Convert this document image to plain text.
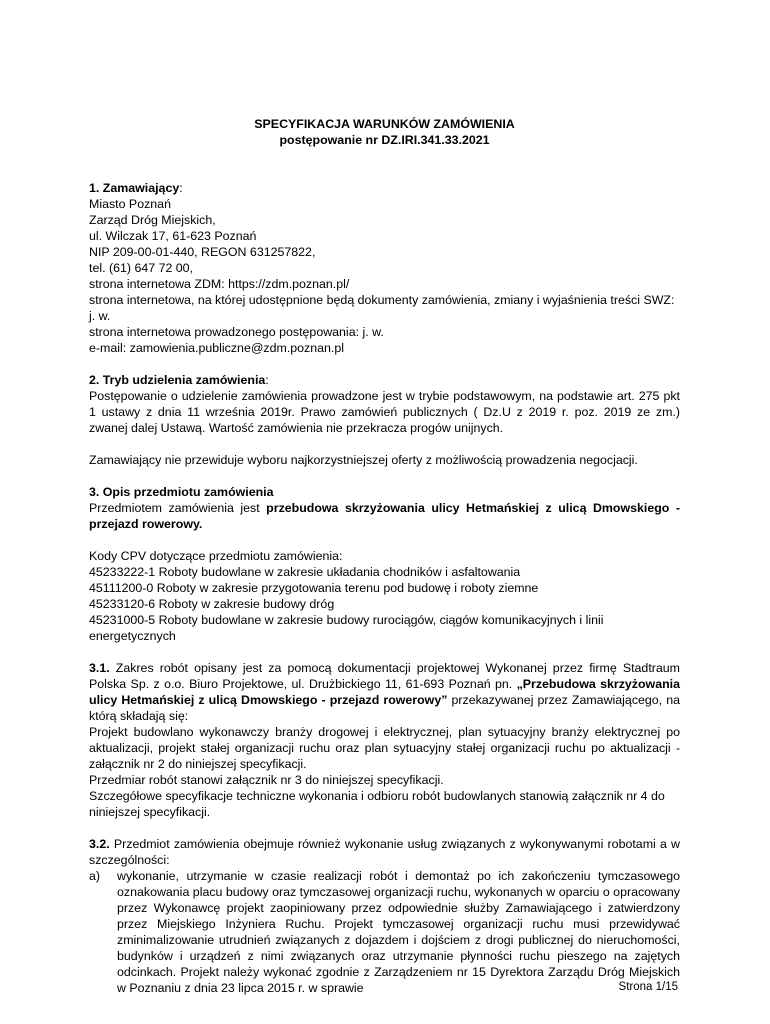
SPECYFIKACJA WARUNKÓW ZAMÓWIENIA

postępowanie nr DZ.IRI.341.33.2021

1. Zamawiający:

Miasto Poznań

Zarząd Dróg Miejskich,

ul. Wilczak 17, 61-623 Poznań

NIP 209-00-01-440, REGON 631257822,

tel. (61) 647 72 00,

strona internetowa ZDM: https://zdm.poznan.pl/

strona internetowa, na której udostępnione będą dokumenty zamówienia, zmiany i wyjaśnienia treści SWZ: j. w.

strona internetowa prowadzonego postępowania: j. w.

e-mail: zamowienia.publiczne@zdm.poznan.pl

2. Tryb udzielenia zamówienia:

Postępowanie o udzielenie zamówienia prowadzone jest w trybie podstawowym, na podstawie art. 275 pkt 1 ustawy z dnia 11 września 2019r. Prawo zamówień publicznych ( Dz.U z 2019 r. poz. 2019 ze zm.) zwanej dalej Ustawą. Wartość zamówienia nie przekracza progów unijnych.

Zamawiający nie przewiduje wyboru najkorzystniejszej oferty z możliwością prowadzenia negocjacji.

3. Opis przedmiotu zamówienia

Przedmiotem zamówienia jest przebudowa skrzyżowania ulicy Hetmańskiej z ulicą Dmowskiego - przejazd rowerowy.

Kody CPV dotyczące przedmiotu zamówienia:

45233222-1 Roboty budowlane w zakresie układania chodników i asfaltowania

45111200-0 Roboty w zakresie przygotowania terenu pod budowę i roboty ziemne

45233120-6 Roboty w zakresie budowy dróg

45231000-5 Roboty budowlane w zakresie budowy rurociągów, ciągów komunikacyjnych i linii energetycznych

3.1. Zakres robót opisany jest za pomocą dokumentacji projektowej Wykonanej przez firmę Stadtraum Polska Sp. z o.o. Biuro Projektowe, ul. Drużbickiego 11, 61-693 Poznań pn. „Przebudowa skrzyżowania ulicy Hetmańskiej z ulicą Dmowskiego - przejazd rowerowy” przekazywanej przez Zamawiającego, na którą składają się:

Projekt budowlano wykonawczy branży drogowej i elektrycznej, plan sytuacyjny branży elektrycznej po aktualizacji, projekt stałej organizacji ruchu oraz plan sytuacyjny stałej organizacji ruchu po aktualizacji - załącznik nr 2 do niniejszej specyfikacji.

Przedmiar robót stanowi załącznik nr 3 do niniejszej specyfikacji.

Szczegółowe specyfikacje techniczne wykonania i odbioru robót budowlanych stanowią załącznik nr 4 do niniejszej specyfikacji.

3.2. Przedmiot zamówienia obejmuje również wykonanie usług związanych z wykonywanymi robotami a w szczególności:

a)	wykonanie, utrzymanie w czasie realizacji robót i demontaż po ich zakończeniu tymczasowego oznakowania placu budowy oraz tymczasowej organizacji ruchu, wykonanych w oparciu o opracowany przez Wykonawcę projekt zaopiniowany przez odpowiednie służby Zamawiającego i zatwierdzony przez Miejskiego Inżyniera Ruchu. Projekt tymczasowej organizacji ruchu musi przewidywać zminimalizowanie utrudnień związanych z dojazdem i dojściem z drogi publicznej do nieruchomości, budynków i urządzeń z nimi związanych oraz utrzymanie płynności ruchu pieszego na zajętych odcinkach. Projekt należy wykonać zgodnie z Zarządzeniem nr 15 Dyrektora Zarządu Dróg Miejskich w Poznaniu z dnia 23 lipca 2015 r. w sprawie	Strona 1/15
